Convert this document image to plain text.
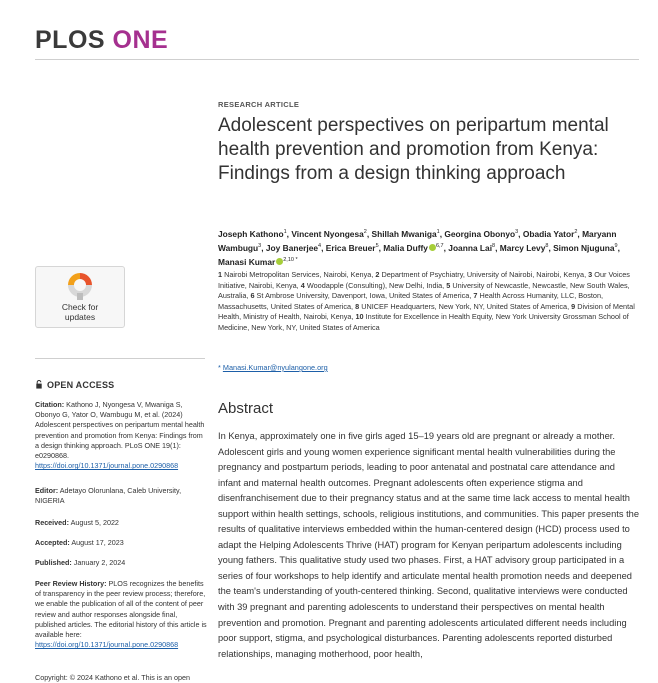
PLOS ONE
Check for
updates
OPEN ACCESS
Citation: Kathono J, Nyongesa V, Mwaniga S, Obonyo G, Yator O, Wambugu M, et al. (2024) Adolescent perspectives on peripartum mental health prevention and promotion from Kenya: Findings from a design thinking approach. PLoS ONE 19(1): e0290868. https://doi.org/10.1371/journal.pone.0290868
Editor: Adetayo Olorunlana, Caleb University, NIGERIA
Received: August 5, 2022
Accepted: August 17, 2023
Published: January 2, 2024
Peer Review History: PLOS recognizes the benefits of transparency in the peer review process; therefore, we enable the publication of all of the content of peer review and author responses alongside final, published articles. The editorial history of this article is available here: https://doi.org/10.1371/journal.pone.0290868
Copyright: © 2024 Kathono et al. This is an open
RESEARCH ARTICLE
Adolescent perspectives on peripartum mental health prevention and promotion from Kenya: Findings from a design thinking approach
Joseph Kathono$^1$, Vincent Nyongesa$^2$, Shillah Mwaniga$^1$, Georgina Obonyo$^3$, Obadia Yator$^2$, Maryann Wambugu$^3$, Joy Banerjee$^4$, Erica Breuer$^5$, Malia Duffy $^{6,7}$, Joanna Lai$^8$, Marcy Levy$^8$, Simon Njuguna$^9$, Manasi Kumar $^{2,10 *}$
1 Nairobi Metropolitan Services, Nairobi, Kenya, 2 Department of Psychiatry, University of Nairobi, Nairobi, Kenya, 3 Our Voices Initiative, Nairobi, Kenya, 4 Woodapple (Consulting), New Delhi, India, 5 University of Newcastle, Newcastle, New South Wales, Australia, 6 St Ambrose University, Davenport, Iowa, United States of America, 7 Health Across Humanity, LLC, Boston, Massachusetts, United States of America, 8 UNICEF Headquarters, New York, NY, United States of America, 9 Division of Mental Health, Ministry of Health, Nairobi, Kenya, 10 Institute for Excellence in Health Equity, New York University Grossman School of Medicine, New York, NY, United States of America
* Manasi.Kumar@nyulangone.org
Abstract
In Kenya, approximately one in five girls aged 15–19 years old are pregnant or already a mother. Adolescent girls and young women experience significant mental health vulnerabilities during the pregnancy and postpartum periods, leading to poor antenatal and postnatal care attendance and infant and maternal health outcomes. Pregnant adolescents often experience stigma and disenfranchisement due to their pregnancy status and at the same time lack access to mental health support within health settings, schools, religious institutions, and communities. This paper presents the results of qualitative interviews embedded within the human-centered design (HCD) process used to adapt the Helping Adolescents Thrive (HAT) program for Kenyan peripartum adolescents including young fathers. This qualitative study used two phases. First, a HAT advisory group participated in a series of four workshops to help identify and articulate mental health promotion needs and deepened the team's understanding of youth-centered thinking. Second, qualitative interviews were conducted with 39 pregnant and parenting adolescents to understand their perspectives on mental health prevention and promotion. Pregnant and parenting adolescents articulated different needs including poor support, stigma, and psychological disturbances. Parenting adolescents reported disturbed relationships, managing motherhood, poor health,
